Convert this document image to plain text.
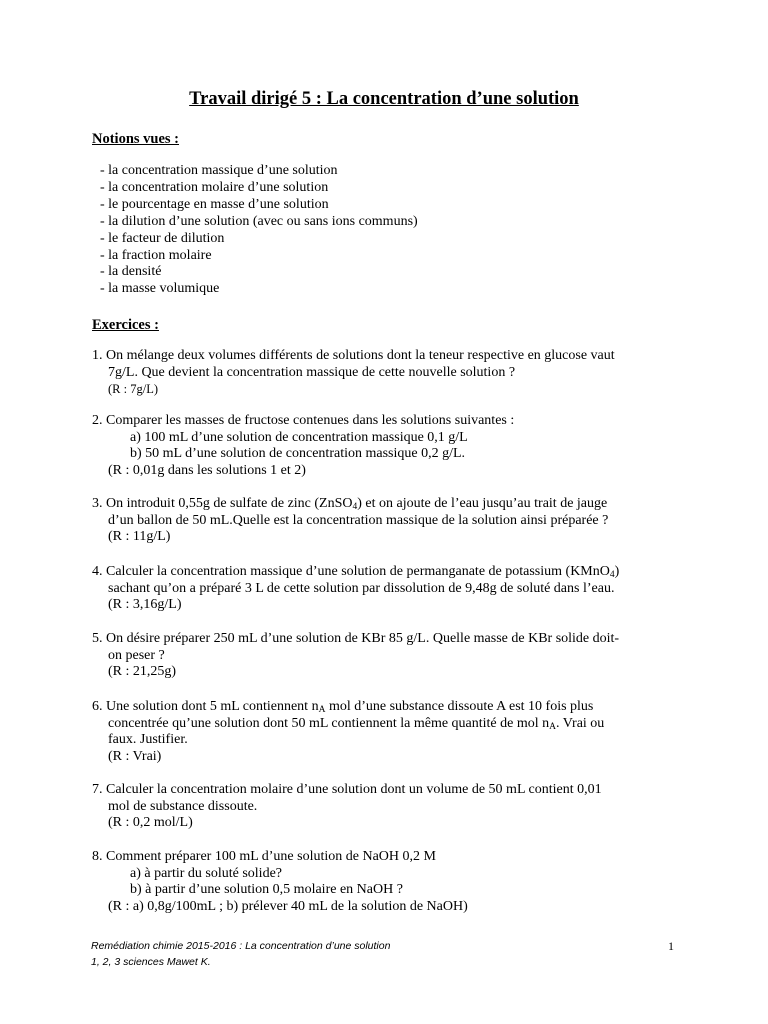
Travail dirigé 5 : La concentration d’une solution
Notions vues :
- la concentration massique d’une solution
- la concentration molaire d’une solution
- le pourcentage en masse d’une solution
- la dilution d’une solution (avec ou sans ions communs)
- le facteur de dilution
- la fraction molaire
- la densité
- la masse volumique
Exercices :
1. On mélange deux volumes différents de solutions dont la teneur respective en glucose vaut
7g/L. Que devient la concentration massique de cette nouvelle solution ?
(R : 7g/L)
2. Comparer les masses de fructose contenues dans les solutions suivantes :
a) 100 mL d’une solution de concentration massique 0,1 g/L
b) 50 mL d’une solution de concentration massique 0,2 g/L.
(R : 0,01g dans les solutions 1 et 2)
3. On introduit 0,55g de sulfate de zinc (ZnSO$_4$) et on ajoute de l’eau jusqu’au trait de jauge
d’un ballon de 50 mL.Quelle est la concentration massique de la solution ainsi préparée ?
(R : 11g/L)
4. Calculer la concentration massique d’une solution de permanganate de potassium (KMnO$_4$)
sachant qu’on a préparé 3 L de cette solution par dissolution de 9,48g de soluté dans l’eau.
(R : 3,16g/L)
5. On désire préparer 250 mL d’une solution de KBr 85 g/L. Quelle masse de KBr solide doit-
on peser ?
(R : 21,25g)
6. Une solution dont 5 mL contiennent $n_A$ mol d’une substance dissoute A est 10 fois plus
concentrée qu’une solution dont 50 mL contiennent la même quantité de mol $n_A$. Vrai ou
faux. Justifier.
(R : Vrai)
7. Calculer la concentration molaire d’une solution dont un volume de 50 mL contient 0,01
mol de substance dissoute.
(R : 0,2 mol/L)
8. Comment préparer 100 mL d’une solution de NaOH 0,2 M
a) à partir du soluté solide?
b) à partir d’une solution 0,5 molaire en NaOH ?
(R : a) 0,8g/100mL ; b) prélever 40 mL de la solution de NaOH)
Remédiation chimie 2015-2016 : La concentration d’une solution
1, 2, 3 sciences Mawet K.
1
